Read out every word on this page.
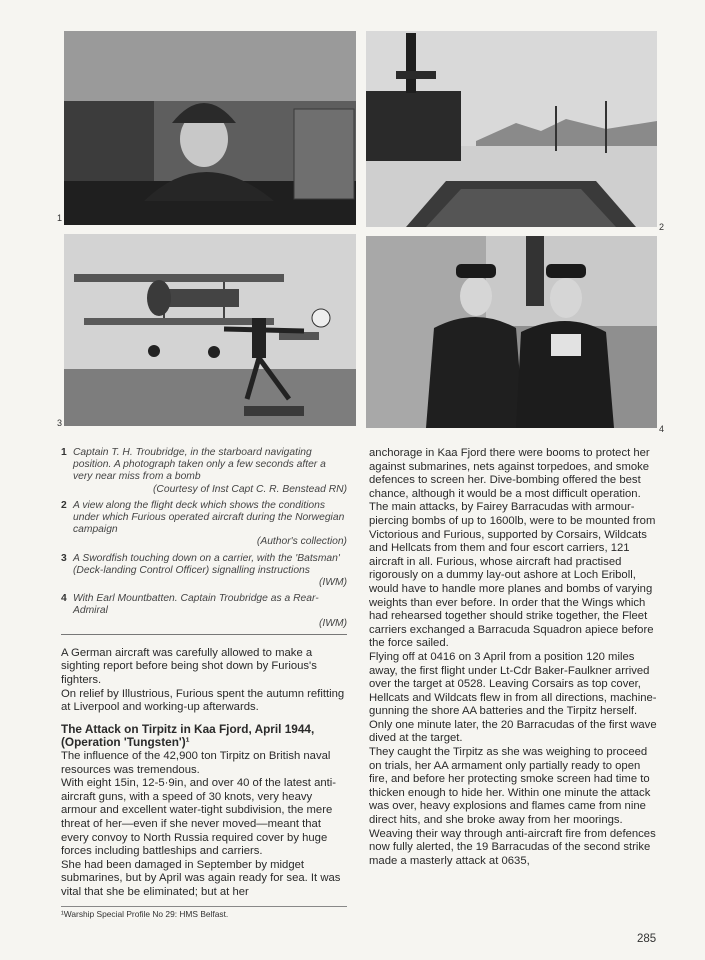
1
2
3
4
1 Captain T. H. Troubridge, in the starboard navigating position. A photograph taken only a few seconds after a very near miss from a bomb
(Courtesy of Inst Capt C. R. Benstead RN)
2 A view along the flight deck which shows the conditions under which Furious operated aircraft during the Norwegian campaign
(Author's collection)
3 A Swordfish touching down on a carrier, with the 'Batsman' (Deck-landing Control Officer) signalling instructions
(IWM)
4 With Earl Mountbatten. Captain Troubridge as a Rear-Admiral
(IWM)

A German aircraft was carefully allowed to make a sighting report before being shot down by Furious's fighters.

On relief by Illustrious, Furious spent the autumn refitting at Liverpool and working-up afterwards.

The Attack on Tirpitz in Kaa Fjord, April 1944, (Operation 'Tungsten')¹

The influence of the 42,900 ton Tirpitz on British naval resources was tremendous.

With eight 15in, 12-5·9in, and over 40 of the latest anti-aircraft guns, with a speed of 30 knots, very heavy armour and excellent water-tight subdivision, the mere threat of her—even if she never moved—meant that every convoy to North Russia required cover by huge forces including battleships and carriers.

She had been damaged in September by midget submarines, but by April was again ready for sea. It was vital that she be eliminated; but at her

¹Warship Special Profile No 29: HMS Belfast.

anchorage in Kaa Fjord there were booms to protect her against submarines, nets against torpedoes, and smoke defences to screen her. Dive-bombing offered the best chance, although it would be a most difficult operation.

The main attacks, by Fairey Barracudas with armour-piercing bombs of up to 1600lb, were to be mounted from Victorious and Furious, supported by Corsairs, Wildcats and Hellcats from them and four escort carriers, 121 aircraft in all. Furious, whose aircraft had practised rigorously on a dummy lay-out ashore at Loch Eriboll, would have to handle more planes and bombs of varying weights than ever before. In order that the Wings which had rehearsed together should strike together, the Fleet carriers exchanged a Barracuda Squadron apiece before the force sailed.

Flying off at 0416 on 3 April from a position 120 miles away, the first flight under Lt-Cdr Baker-Faulkner arrived over the target at 0528. Leaving Corsairs as top cover, Hellcats and Wildcats flew in from all directions, machine-gunning the shore AA batteries and the Tirpitz herself. Only one minute later, the 20 Barracudas of the first wave dived at the target.

They caught the Tirpitz as she was weighing to proceed on trials, her AA armament only partially ready to open fire, and before her protecting smoke screen had time to thicken enough to hide her. Within one minute the attack was over, heavy explosions and flames came from nine direct hits, and she broke away from her moorings.

Weaving their way through anti-aircraft fire from defences now fully alerted, the 19 Barracudas of the second strike made a masterly attack at 0635,

285
